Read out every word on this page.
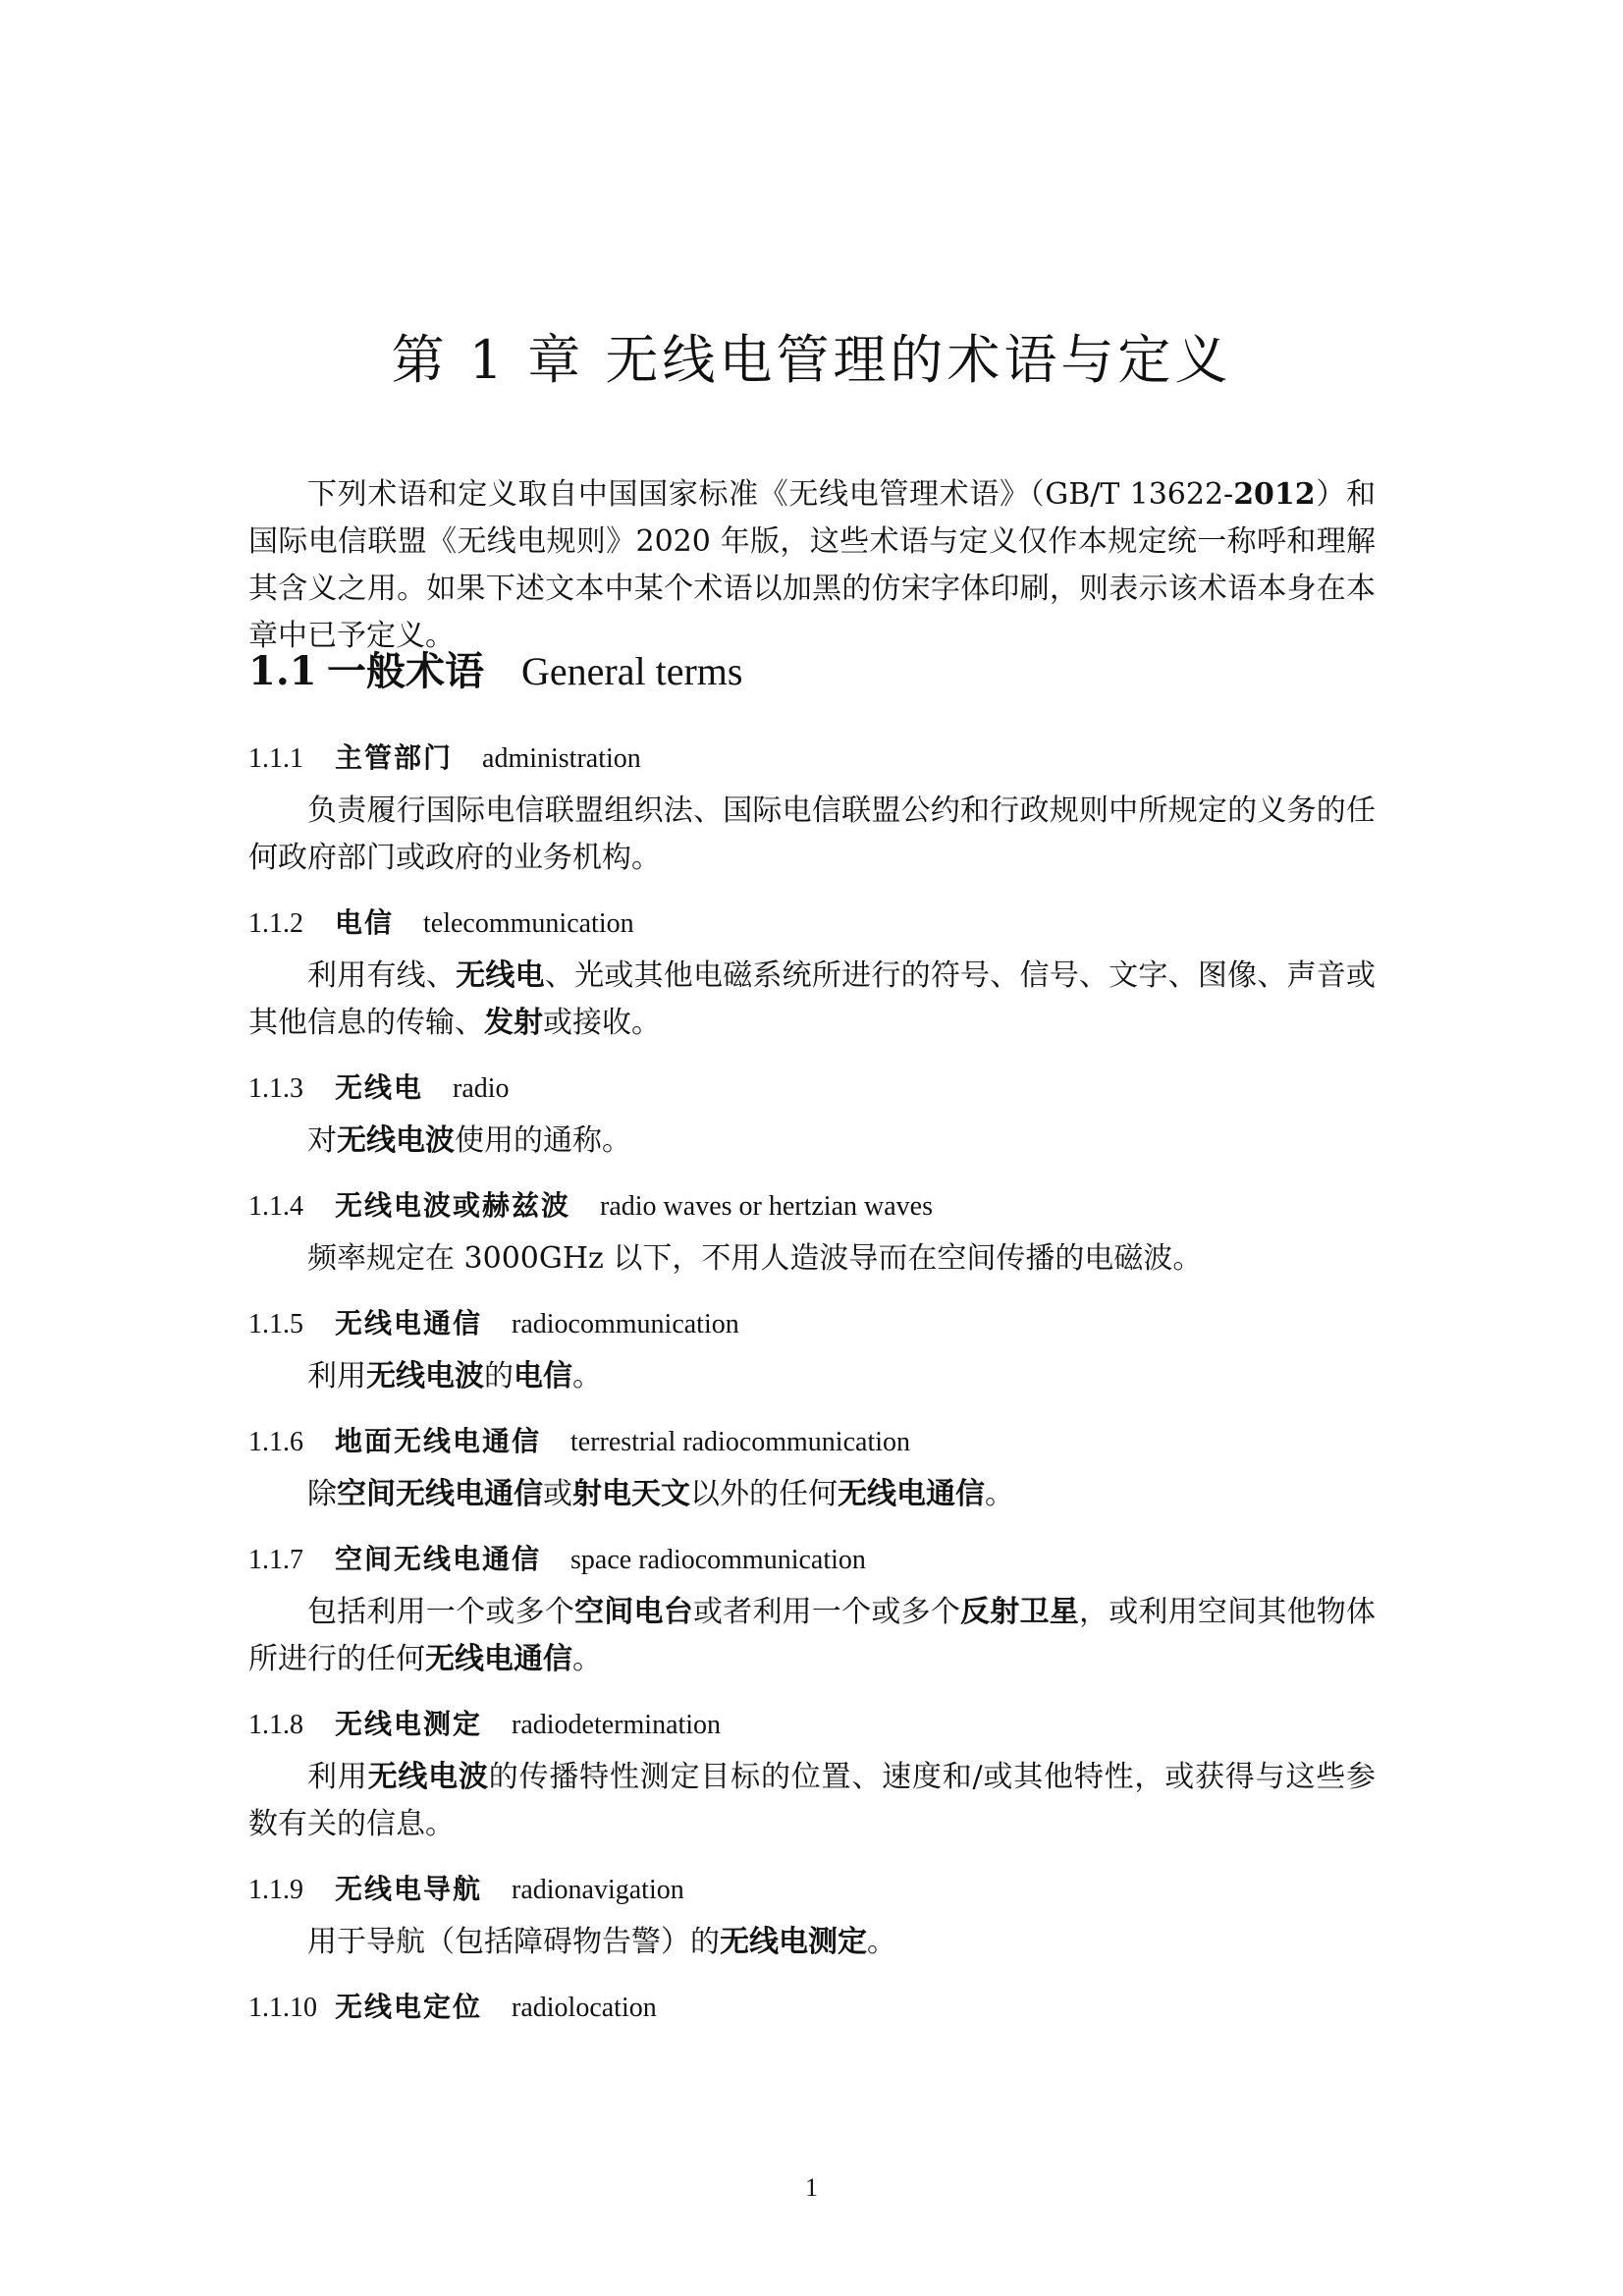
第 1 章 无线电管理的术语与定义

下列术语和定义取自中国国家标准《无线电管理术语》（GB/T 13622-2012）和国际电信联盟《无线电规则》2020 年版，这些术语与定义仅作本规定统一称呼和理解其含义之用。如果下述文本中某个术语以加黑的仿宋字体印刷，则表示该术语本身在本章中已予定义。

1.1 一般术语 General terms
1.1.1 主管部门 administration

负责履行国际电信联盟组织法、国际电信联盟公约和行政规则中所规定的义务的任何政府部门或政府的业务机构。

1.1.2 电信 telecommunication

利用有线、无线电、光或其他电磁系统所进行的符号、信号、文字、图像、声音或其他信息的传输、发射或接收。

1.1.3 无线电 radio

对无线电波使用的通称。

1.1.4 无线电波或赫兹波 radio waves or hertzian waves

频率规定在 3000GHz 以下，不用人造波导而在空间传播的电磁波。

1.1.5 无线电通信 radiocommunication

利用无线电波的电信。

1.1.6 地面无线电通信 terrestrial radiocommunication

除空间无线电通信或射电天文以外的任何无线电通信。

1.1.7 空间无线电通信 space radiocommunication

包括利用一个或多个空间电台或者利用一个或多个反射卫星，或利用空间其他物体所进行的任何无线电通信。

1.1.8 无线电测定 radiodetermination

利用无线电波的传播特性测定目标的位置、速度和/或其他特性，或获得与这些参数有关的信息。

1.1.9 无线电导航 radionavigation

用于导航（包括障碍物告警）的无线电测定。

1.1.10 无线电定位 radiolocation

1
